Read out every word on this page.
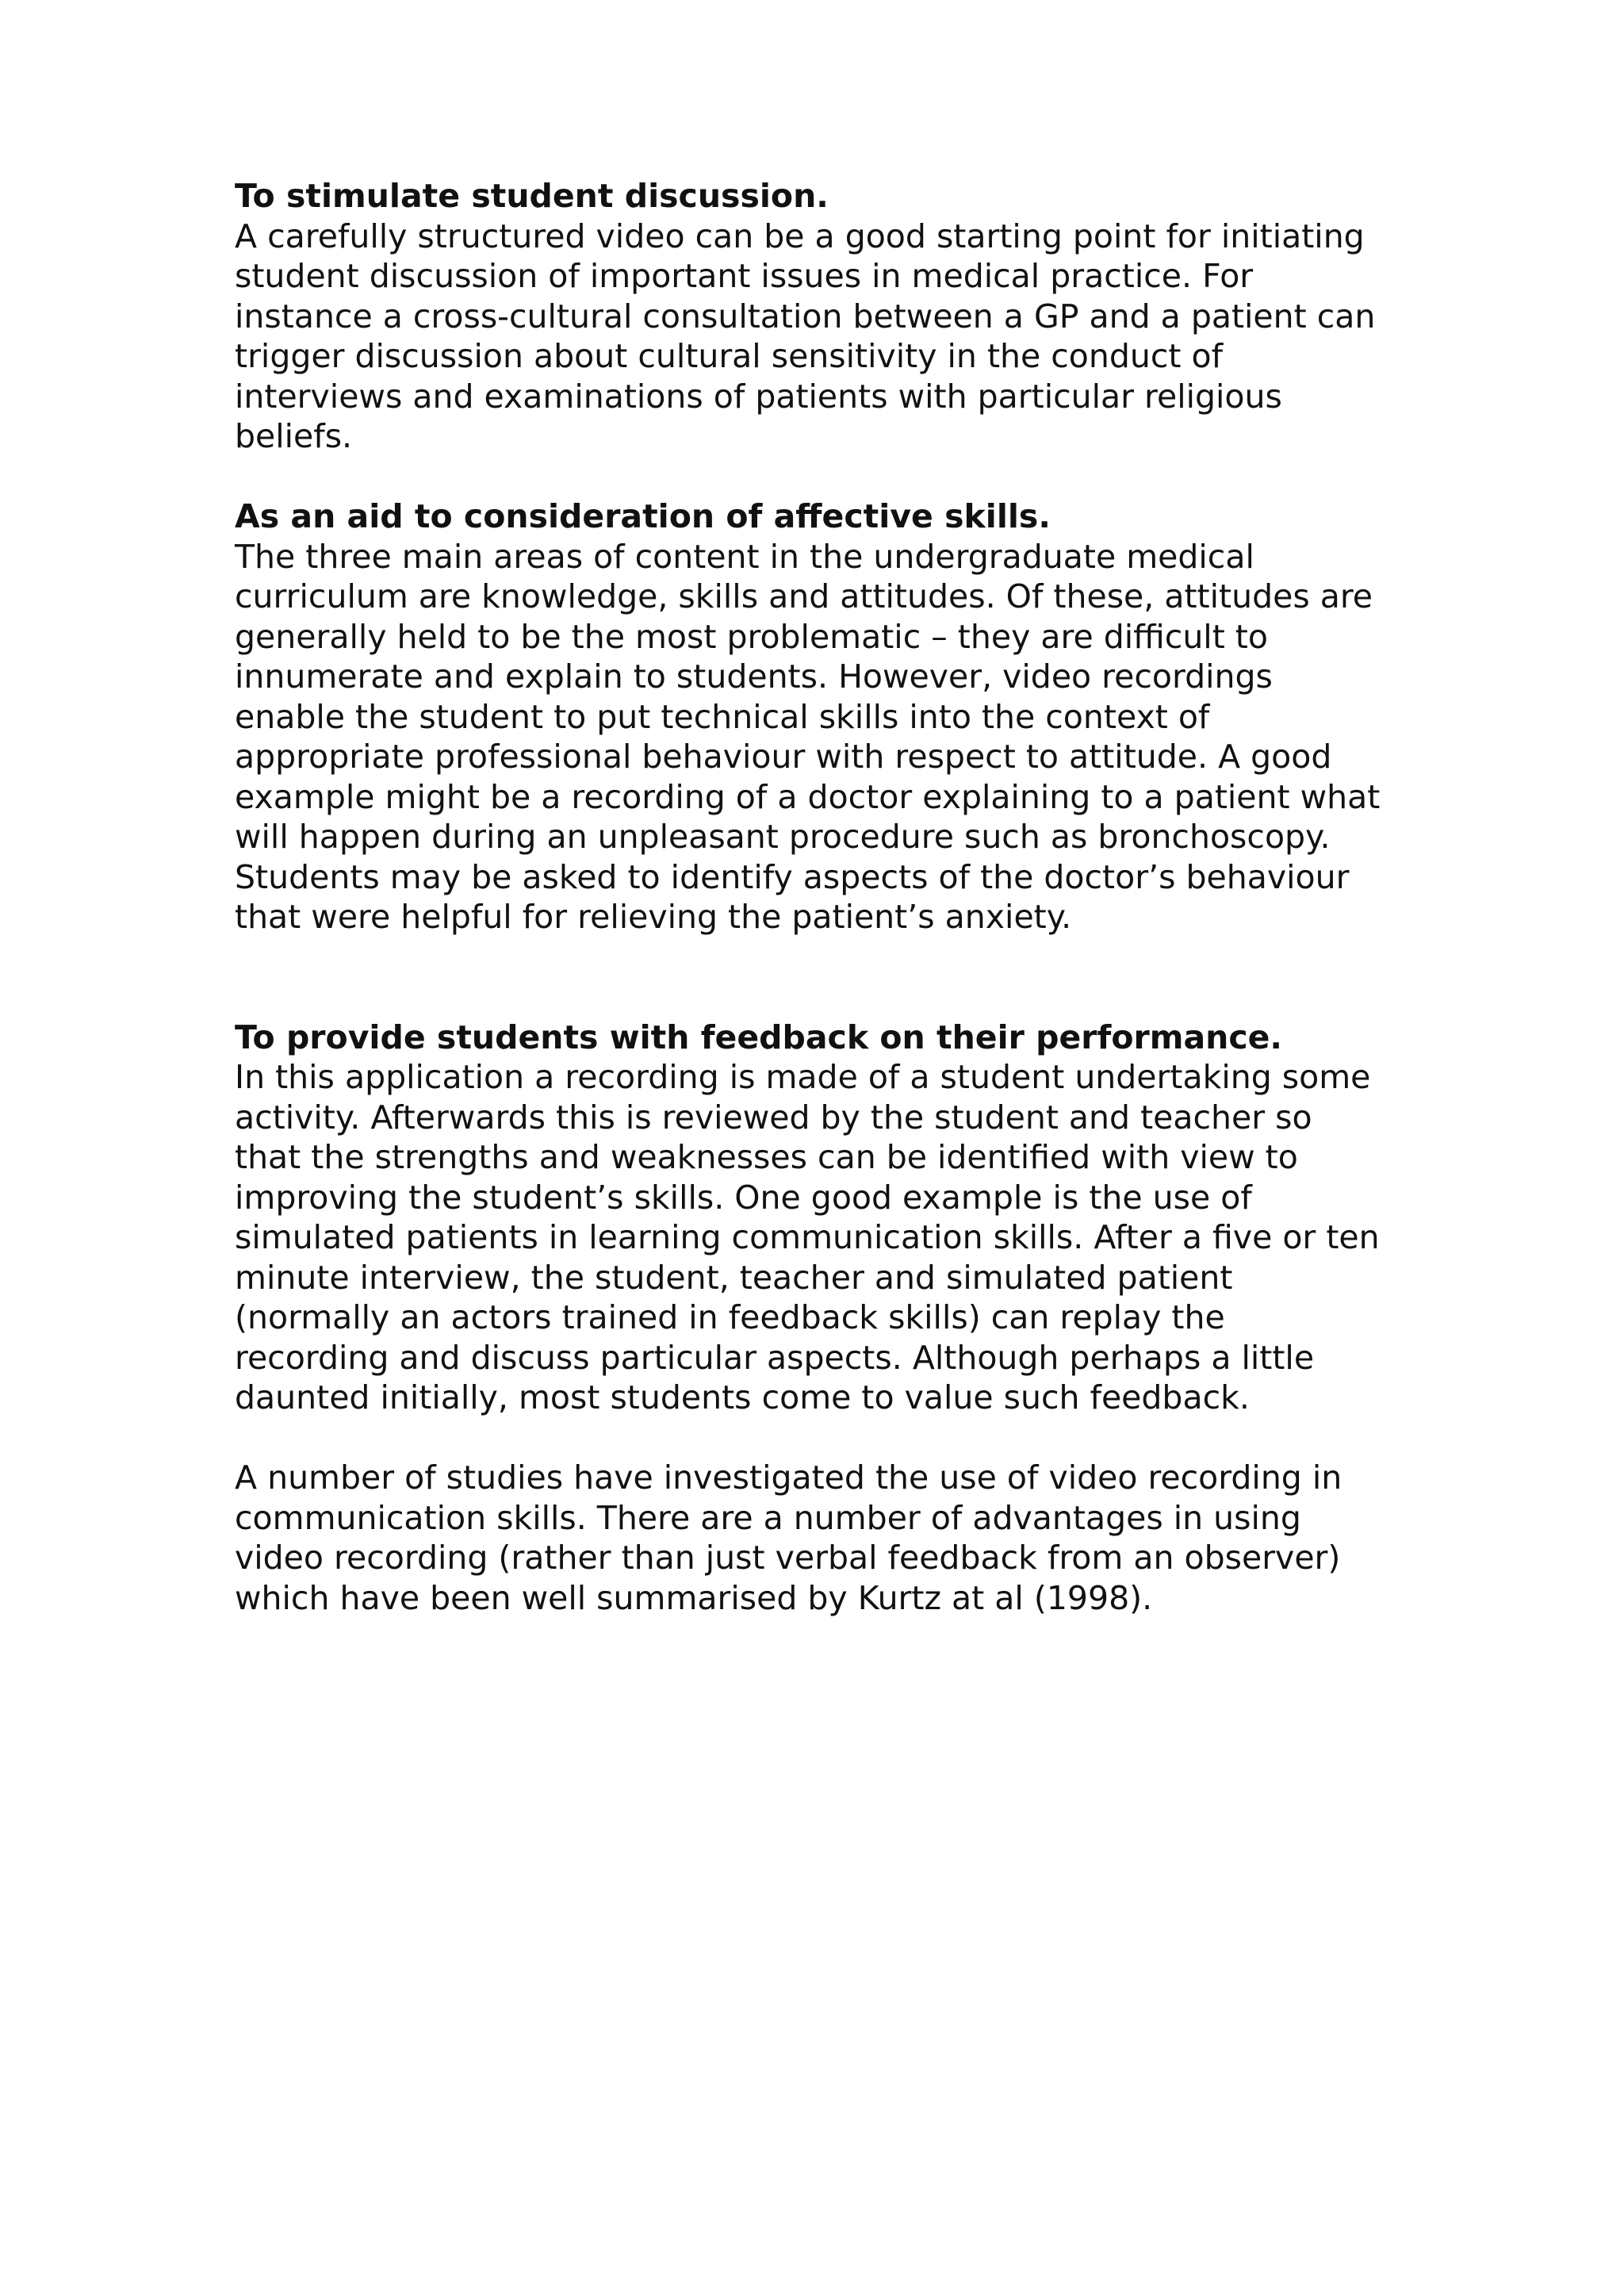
To stimulate student discussion.

A carefully structured video can be a good starting point for initiating

student discussion of important issues in medical practice. For

instance a cross-cultural consultation between a GP and a patient can

trigger discussion about cultural sensitivity in the conduct of

interviews and examinations of patients with particular religious

beliefs.

As an aid to consideration of affective skills.

The three main areas of content in the undergraduate medical

curriculum are knowledge, skills and attitudes. Of these, attitudes are

generally held to be the most problematic – they are difficult to

innumerate and explain to students. However, video recordings

enable the student to put technical skills into the context of

appropriate professional behaviour with respect to attitude. A good

example might be a recording of a doctor explaining to a patient what

will happen during an unpleasant procedure such as bronchoscopy.

Students may be asked to identify aspects of the doctor’s behaviour

that were helpful for relieving the patient’s anxiety.

To provide students with feedback on their performance.

In this application a recording is made of a student undertaking some

activity. Afterwards this is reviewed by the student and teacher so

that the strengths and weaknesses can be identified with view to

improving the student’s skills. One good example is the use of

simulated patients in learning communication skills. After a five or ten

minute interview, the student, teacher and simulated patient

(normally an actors trained in feedback skills) can replay the

recording and discuss particular aspects. Although perhaps a little

daunted initially, most students come to value such feedback.

A number of studies have investigated the use of video recording in

communication skills. There are a number of advantages in using

video recording (rather than just verbal feedback from an observer)

which have been well summarised by Kurtz at al (1998).
